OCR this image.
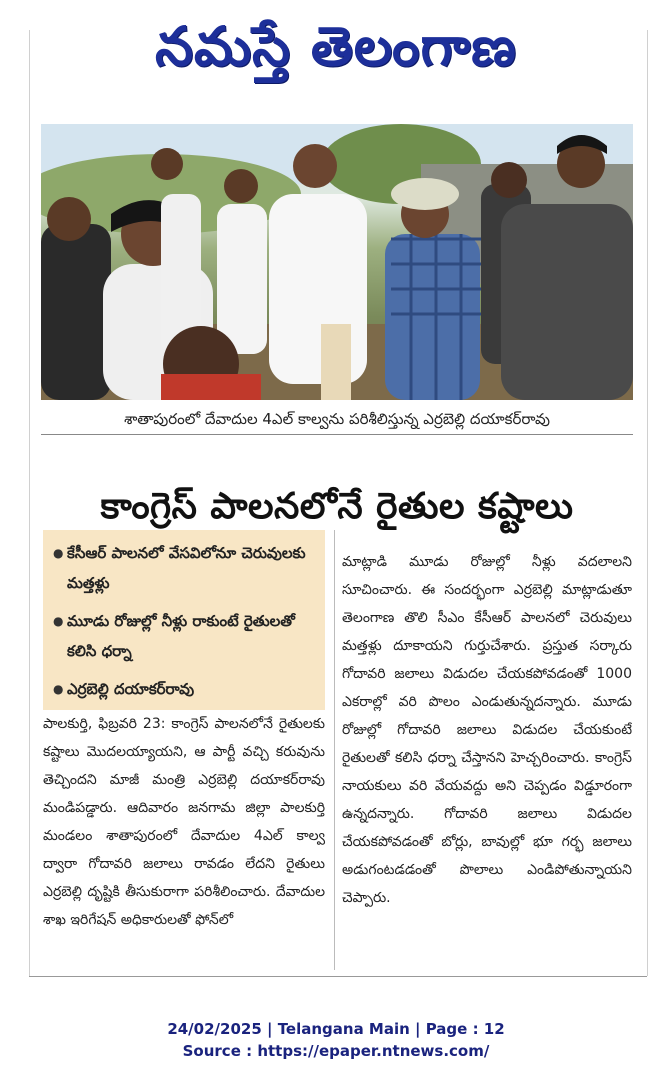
నమస్తే తెలంగాణ
శాతాపురంలో దేవాదుల 4ఎల్ కాల్వను పరిశీలిస్తున్న ఎర్రబెల్లి దయాకర్‌రావు
కాంగ్రెస్ పాలనలోనే రైతుల కష్టాలు
● కేసీఆర్ పాలనలో వేసవిలోనూ చెరువులకు మత్తళ్లు
● మూడు రోజుల్లో నీళ్లు రాకుంటే రైతులతో కలిసి ధర్నా
● ఎర్రబెల్లి దయాకర్‌రావు
పాలకుర్తి, ఫిబ్రవరి 23: కాంగ్రెస్ పాలనలోనే రైతులకు కష్టాలు మొదలయ్యాయని, ఆ పార్టీ వచ్చి కరువును తెచ్చిందని మాజీ మంత్రి ఎర్రబెల్లి దయాకర్‌రావు మండిపడ్డారు. ఆదివారం జనగామ జిల్లా పాలకుర్తి మండలం శాతాపురంలో దేవాదుల 4ఎల్ కాల్వ ద్వారా గోదావరి జలాలు రావడం లేదని రైతులు ఎర్రబెల్లి దృష్టికి తీసుకురాగా పరిశీలించారు. దేవాదుల శాఖ ఇరిగేషన్ అధికారులతో ఫోన్‌లో
మాట్లాడి మూడు రోజుల్లో నీళ్లు వదలాలని సూచించారు. ఈ సందర్భంగా ఎర్రబెల్లి మాట్లాడుతూ తెలంగాణ తొలి సీఎం కేసీఆర్ పాలనలో చెరువులు మత్తళ్లు దూకాయని గుర్తుచేశారు. ప్రస్తుత సర్కారు గోదావరి జలాలు విడుదల చేయకపోవడంతో 1000 ఎకరాల్లో వరి పొలం ఎండుతున్నదన్నారు. మూడు రోజుల్లో గోదావరి జలాలు విడుదల చేయకుంటే రైతులతో కలిసి ధర్నా చేస్తానని హెచ్చరించారు. కాంగ్రెస్ నాయకులు వరి వేయవద్దు అని చెప్పడం విడ్డూరంగా ఉన్నదన్నారు. గోదావరి జలాలు విడుదల చేయకపోవడంతో బోర్లు, బావుల్లో భూ గర్భ జలాలు అడుగంటడడంతో పొలాలు ఎండిపోతున్నాయని చెప్పారు.
24/02/2025 | Telangana Main | Page : 12
Source : https://epaper.ntnews.com/
